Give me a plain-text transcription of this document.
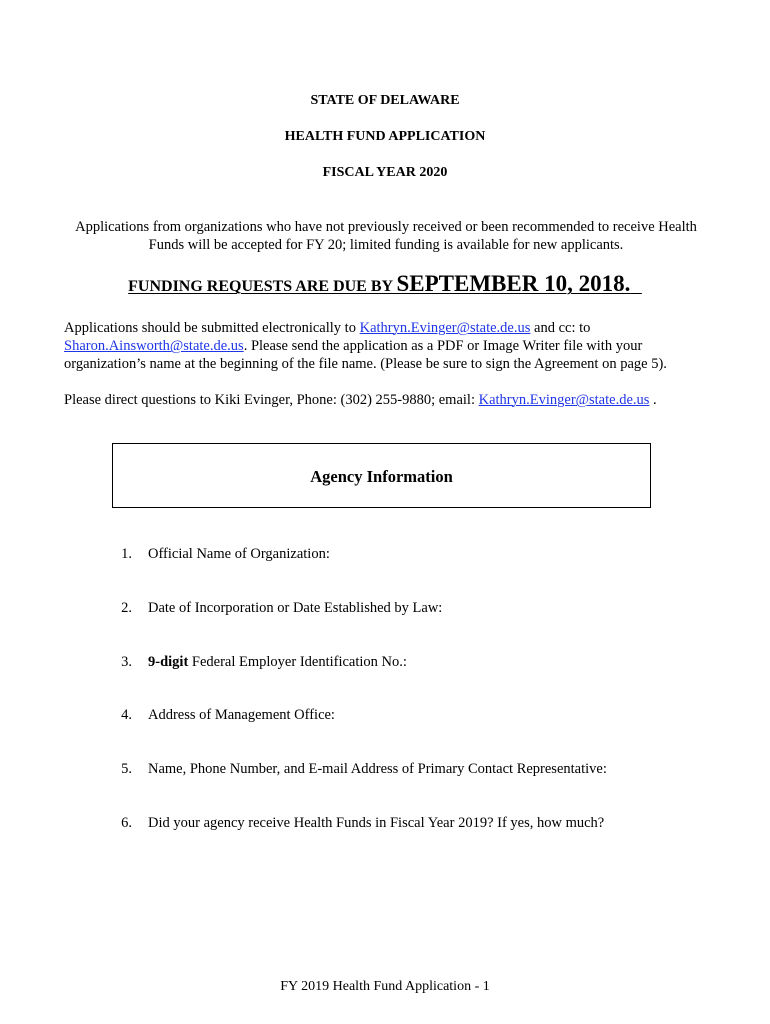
STATE OF DELAWARE
HEALTH FUND APPLICATION
FISCAL YEAR 2020
Applications from organizations who have not previously received or been recommended to receive Health Funds will be accepted for FY 20; limited funding is available for new applicants.
FUNDING REQUESTS ARE DUE BY SEPTEMBER 10, 2018.
Applications should be submitted electronically to Kathryn.Evinger@state.de.us and cc: to
Sharon.Ainsworth@state.de.us. Please send the application as a PDF or Image Writer file with your organization’s name at the beginning of the file name. (Please be sure to sign the Agreement on page 5).
Please direct questions to Kiki Evinger, Phone: (302) 255-9880; email: Kathryn.Evinger@state.de.us .
Agency Information
1. Official Name of Organization:
2. Date of Incorporation or Date Established by Law:
3. 9-digit Federal Employer Identification No.:
4. Address of Management Office:
5. Name, Phone Number, and E-mail Address of Primary Contact Representative:
6. Did your agency receive Health Funds in Fiscal Year 2019? If yes, how much?
FY 2019 Health Fund Application - 1
